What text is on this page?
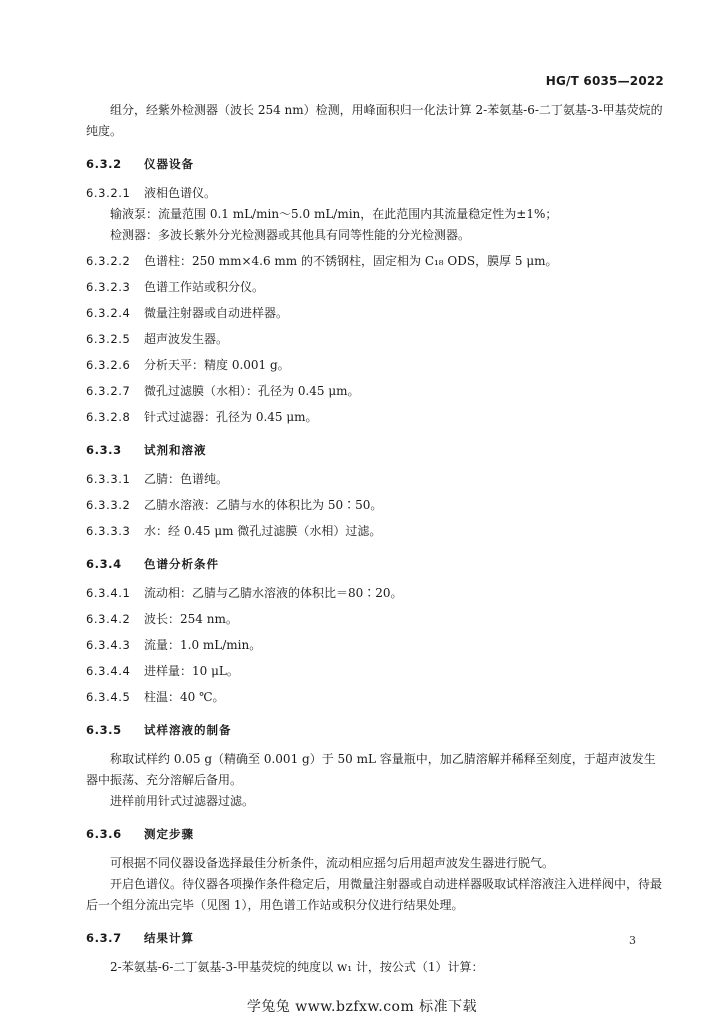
HG/T 6035—2022

组分，经紫外检测器（波长 254 nm）检测，用峰面积归一化法计算 2-苯氨基-6-二丁氨基-3-甲基荧烷的纯度。

6.3.2	仪器设备
6.3.2.1	液相色谱仪。

输液泵：流量范围 0.1 mL/min～5.0 mL/min，在此范围内其流量稳定性为±1%；

检测器：多波长紫外分光检测器或其他具有同等性能的分光检测器。

6.3.2.2	色谱柱：250 mm×4.6 mm 的不锈钢柱，固定相为 C₁₈ ODS，膜厚 5 μm。
6.3.2.3	色谱工作站或积分仪。
6.3.2.4	微量注射器或自动进样器。
6.3.2.5	超声波发生器。
6.3.2.6	分析天平：精度 0.001 g。
6.3.2.7	微孔过滤膜（水相）：孔径为 0.45 μm。
6.3.2.8	针式过滤器：孔径为 0.45 μm。
6.3.3	试剂和溶液
6.3.3.1	乙腈：色谱纯。
6.3.3.2	乙腈水溶液：乙腈与水的体积比为 50∶50。
6.3.3.3	水：经 0.45 μm 微孔过滤膜（水相）过滤。
6.3.4	色谱分析条件
6.3.4.1	流动相：乙腈与乙腈水溶液的体积比＝80∶20。
6.3.4.2	波长：254 nm。
6.3.4.3	流量：1.0 mL/min。
6.3.4.4	进样量：10 μL。
6.3.4.5	柱温：40 ℃。
6.3.5	试样溶液的制备

称取试样约 0.05 g（精确至 0.001 g）于 50 mL 容量瓶中，加乙腈溶解并稀释至刻度，于超声波发生器中振荡、充分溶解后备用。

进样前用针式过滤器过滤。

6.3.6	测定步骤

可根据不同仪器设备选择最佳分析条件，流动相应摇匀后用超声波发生器进行脱气。

开启色谱仪。待仪器各项操作条件稳定后，用微量注射器或自动进样器吸取试样溶液注入进样阀中，待最后一个组分流出完毕（见图 1），用色谱工作站或积分仪进行结果处理。

6.3.7	结果计算

2-苯氨基-6-二丁氨基-3-甲基荧烷的纯度以 w₁ 计，按公式（1）计算：

3
学兔兔 www.bzfxw.com 标准下载
